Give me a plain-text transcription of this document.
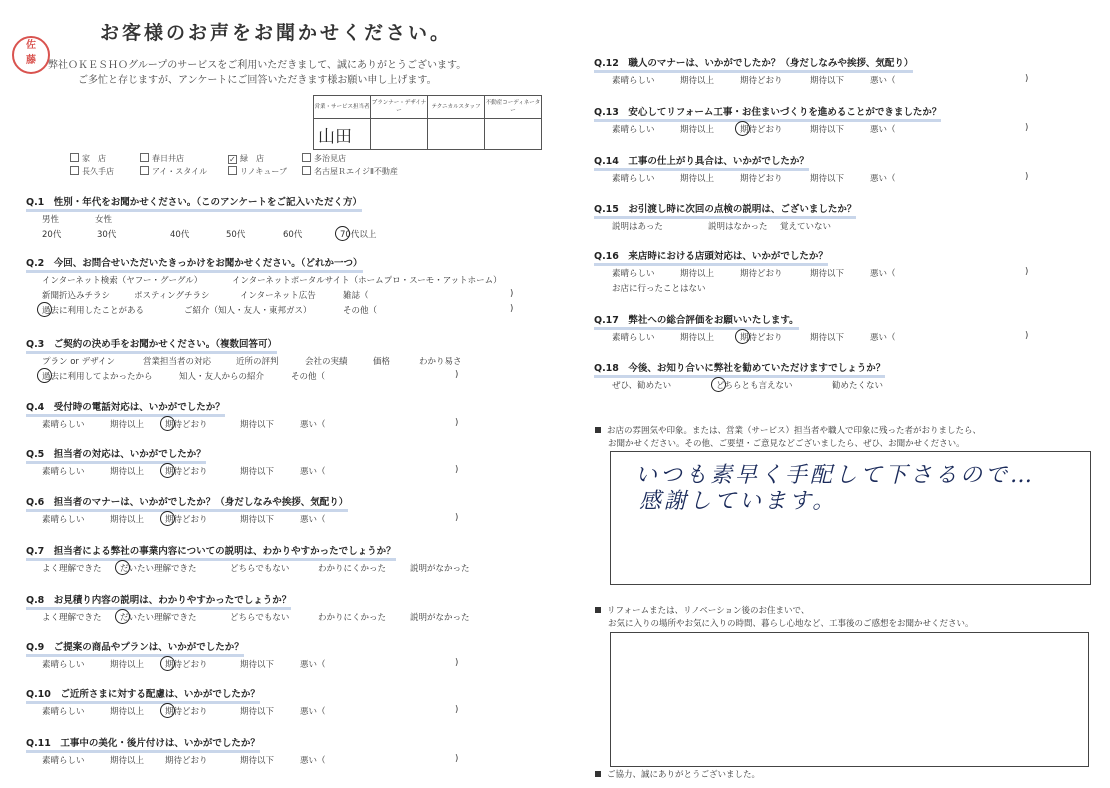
佐
藤
お客様のお声をお聞かせください。
弊社ＯＫＥＳＨＯグループのサービスをご利用いただきまして、誠にありがとうございます。
ご多忙と存じますが、アンケートにご回答いただきます様お願い申し上げます。
営業・サービス担当者	プランナー・デザイナー	テクニカルスタッフ	不動産コーディネーター
山田			
家　店	春日井店	✓ 緑　店	多治見店
長久手店	アイ・スタイル	リノキューブ	名古屋ＲエイジⅡ不動産
Q.1　性別・年代をお聞かせください。（このアンケートをご記入いただく方）
男性	女性
20代	30代	40代	50代	60代	70代以上
Q.2　今回、お問合せいただいたきっかけをお聞かせください。（どれか一つ）
インターネット検索（ヤフー・グーグル）	インターネットポータルサイト（ホームプロ・スーモ・アットホーム）
新聞折込みチラシ	ポスティングチラシ	インターネット広告	雑誌（	)
過去に利用したことがある	ご紹介（知人・友人・東邦ガス）	その他（	)
Q.3　ご契約の決め手をお聞かせください。（複数回答可）
プラン or デザイン	営業担当者の対応	近所の評判	会社の実績	価格	わかり易さ
過去に利用してよかったから	知人・友人からの紹介	その他（	)
Q.4　受付時の電話対応は、いかがでしたか？
素晴らしい	期待以上 期待どおり	期待以下	悪い（	)
Q.5　担当者の対応は、いかがでしたか？
素晴らしい	期待以上 期待どおり	期待以下	悪い（	)
Q.6　担当者のマナーは、いかがでしたか？（身だしなみや挨拶、気配り）
素晴らしい	期待以上 期待どおり	期待以下	悪い（	)
Q.7　担当者による弊社の事業内容についての説明は、わかりやすかったでしょうか？
よく理解できた だいたい理解できた	どちらでもない	わかりにくかった	説明がなかった
Q.8　お見積り内容の説明は、わかりやすかったでしょうか？
よく理解できた だいたい理解できた	どちらでもない	わかりにくかった	説明がなかった
Q.9　ご提案の商品やプランは、いかがでしたか？
素晴らしい	期待以上 期待どおり	期待以下	悪い（	)
Q.10　ご近所さまに対する配慮は、いかがでしたか？
素晴らしい	期待以上 期待どおり	期待以下	悪い（	)
Q.11　工事中の美化・後片付けは、いかがでしたか？
素晴らしい	期待以上 期待どおり	期待以下	悪い（	)
Q.12　職人のマナーは、いかがでしたか？（身だしなみや挨拶、気配り）
素晴らしい	期待以上	期待どおり	期待以下	悪い（	)
Q.13　安心してリフォーム工事・お住まいづくりを進めることができましたか？
素晴らしい	期待以上	期待どおり	期待以下	悪い（	)
Q.14　工事の仕上がり具合は、いかがでしたか？
素晴らしい	期待以上	期待どおり	期待以下	悪い（	)
Q.15　お引渡し時に次回の点検の説明は、ございましたか？
説明はあった	説明はなかった 覚えていない
Q.16　来店時における店頭対応は、いかがでしたか？
素晴らしい	期待以上	期待どおり	期待以下	悪い（	)
お店に行ったことはない
Q.17　弊社への総合評価をお願いいたします。
素晴らしい	期待以上	期待どおり	期待以下	悪い（	)
Q.18　今後、お知り合いに弊社を勧めていただけますでしょうか？
ぜひ、勧めたい	どちらとも言えない	勧めたくない
お店の雰囲気や印象。または、営業（サービス）担当者や職人で印象に残った者がおりましたら、
お聞かせください。その他、ご要望・ご意見などございましたら、ぜひ、お聞かせください。
いつも素早く手配して下さるので…
感謝しています。
リフォームまたは、リノベーション後のお住まいで、
お気に入りの場所やお気に入りの時間、暮らし心地など、工事後のご感想をお聞かせください。
ご協力、誠にありがとうございました。
